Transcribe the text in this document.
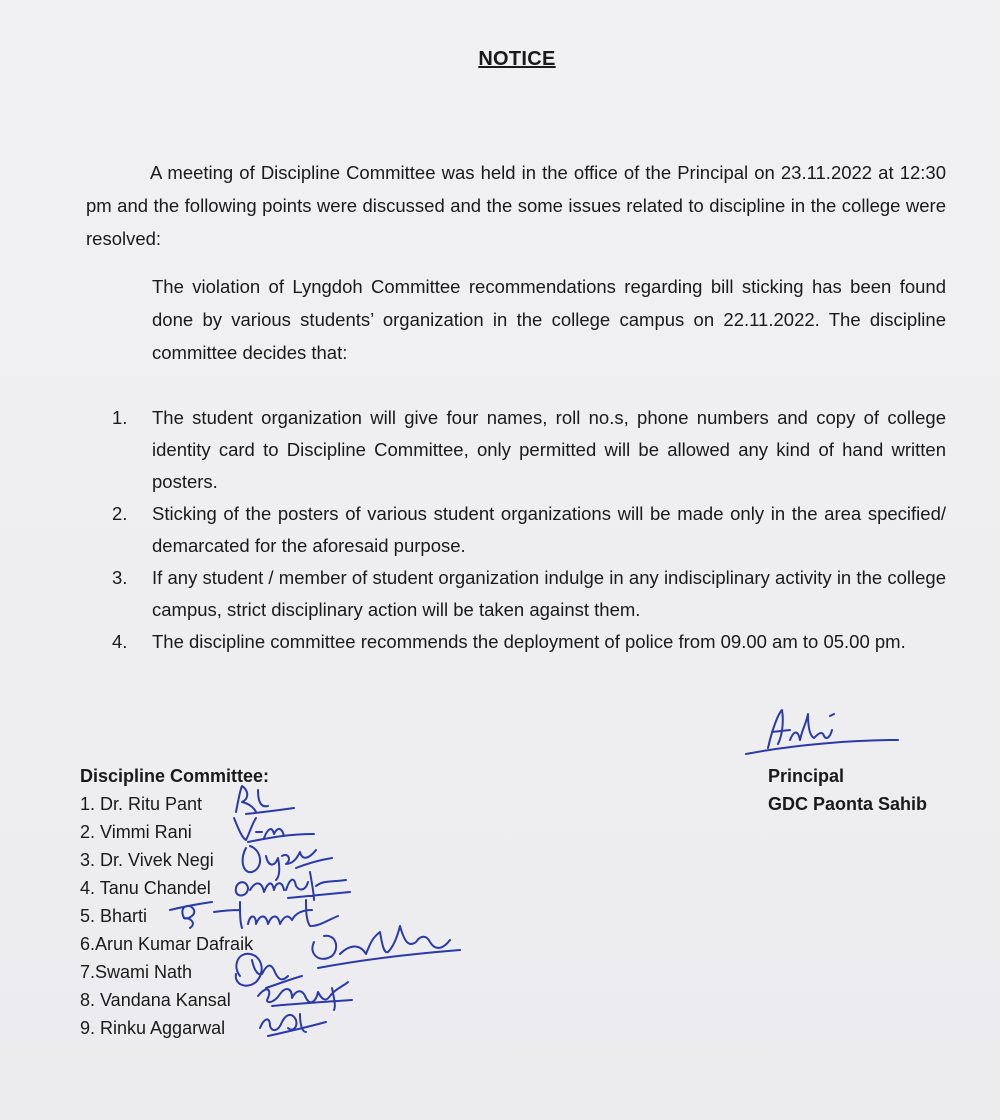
NOTICE

A meeting of Discipline Committee was held in the office of the Principal on 23.11.2022 at 12:30 pm and the following points were discussed and the some issues related to discipline in the college were resolved:

The violation of Lyngdoh Committee recommendations regarding bill sticking has been found done by various students’ organization in the college campus on 22.11.2022. The discipline committee decides that:

1.	The student organization will give four names, roll no.s, phone numbers and copy of college identity card to Discipline Committee, only permitted will be allowed any kind of hand written posters.
2.	Sticking of the posters of various student organizations will be made only in the area specified/ demarcated for the aforesaid purpose.
3.	If any student / member of student organization indulge in any indisciplinary activity in the college campus, strict disciplinary action will be taken against them.
4.	The discipline committee recommends the deployment of police from 09.00 am to 05.00 pm.
Principal
GDC Paonta Sahib
Discipline Committee:
1. Dr. Ritu Pant
2. Vimmi Rani
3. Dr. Vivek Negi
4. Tanu Chandel
5. Bharti
6.Arun Kumar Dafraik
7.Swami Nath
8. Vandana Kansal
9. Rinku Aggarwal
